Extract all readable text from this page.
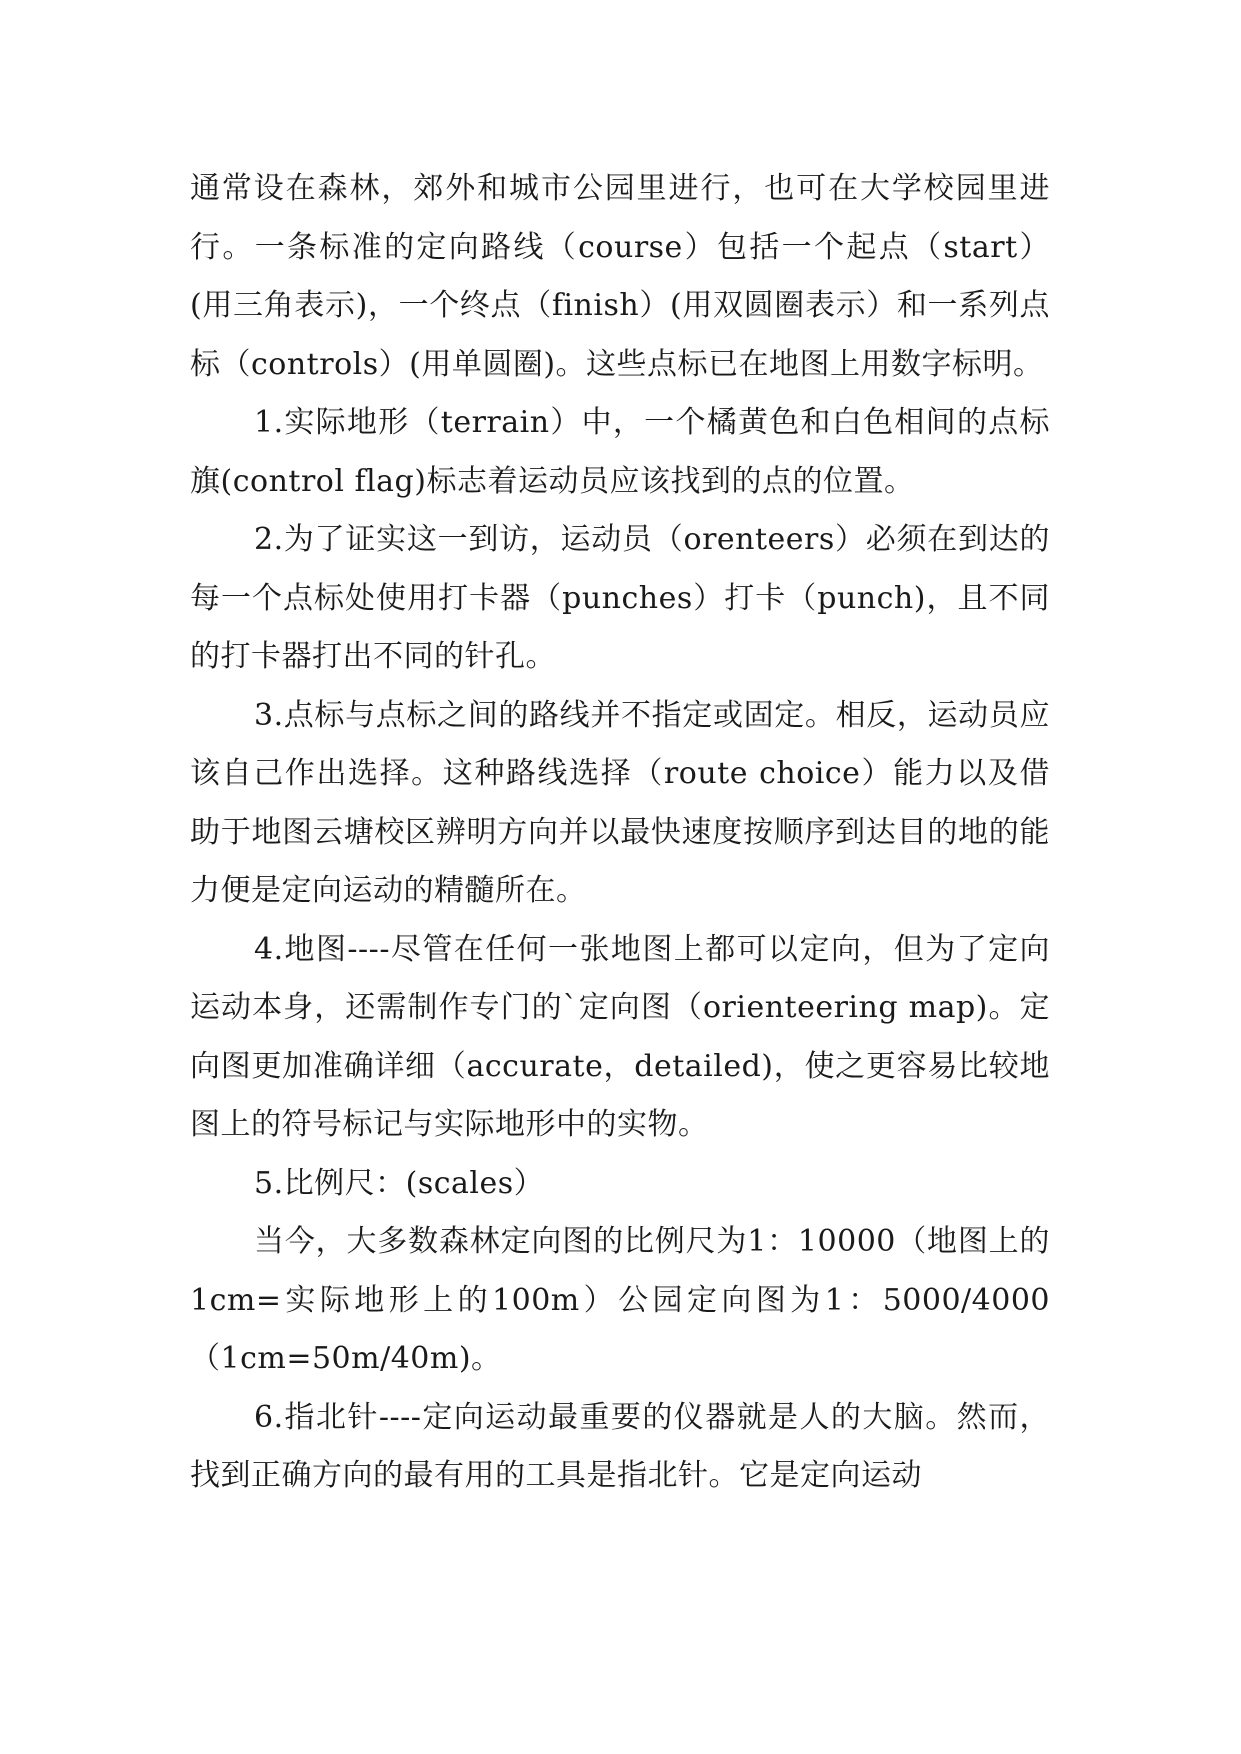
通常设在森林，郊外和城市公园里进行，也可在大学校园里进行。一条标准的定向路线（course）包括一个起点（start）(用三角表示)，一个终点（finish）(用双圆圈表示）和一系列点标（controls）(用单圆圈)。这些点标已在地图上用数字标明。

1.实际地形（terrain）中，一个橘黄色和白色相间的点标旗(control flag)标志着运动员应该找到的点的位置。

2.为了证实这一到访，运动员（orenteers）必须在到达的每一个点标处使用打卡器（punches）打卡（punch)，且不同的打卡器打出不同的针孔。

3.点标与点标之间的路线并不指定或固定。相反，运动员应该自己作出选择。这种路线选择（route choice）能力以及借助于地图云塘校区辨明方向并以最快速度按顺序到达目的地的能力便是定向运动的精髓所在。

4.地图----尽管在任何一张地图上都可以定向，但为了定向运动本身，还需制作专门的`定向图（orienteering map)。定向图更加准确详细（accurate，detailed)，使之更容易比较地图上的符号标记与实际地形中的实物。

5.比例尺：(scales）

当今，大多数森林定向图的比例尺为1：10000（地图上的1cm=实际地形上的100m）公园定向图为1：5000/4000（1cm=50m/40m)。

6.指北针----定向运动最重要的仪器就是人的大脑。然而，找到正确方向的最有用的工具是指北针。它是定向运动
